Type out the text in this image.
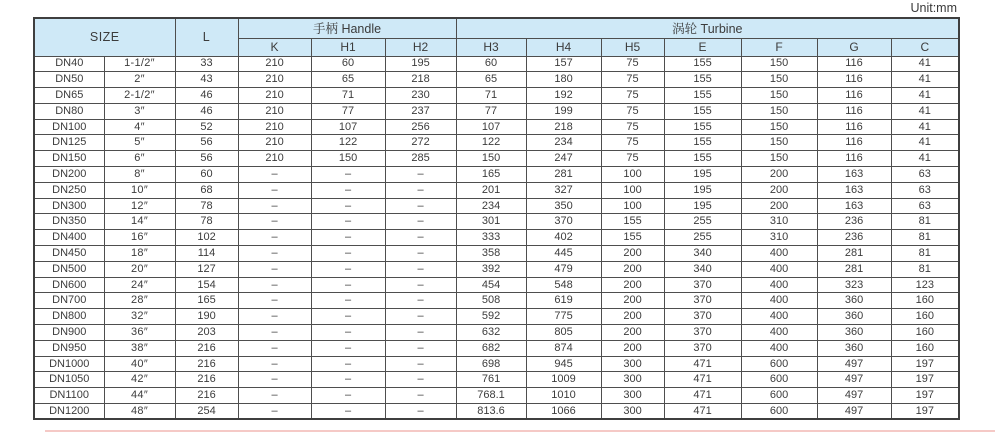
Unit:mm
SIZE		L	手柄 Handle			涡轮 Turbine						
			K	H1	H2	H3	H4	H5	E	F	G	C
DN40	1-1/2″	33	210	60	195	60	157	75	155	150	116	41
DN50	2″	43	210	65	218	65	180	75	155	150	116	41
DN65	2-1/2″	46	210	71	230	71	192	75	155	150	116	41
DN80	3″	46	210	77	237	77	199	75	155	150	116	41
DN100	4″	52	210	107	256	107	218	75	155	150	116	41
DN125	5″	56	210	122	272	122	234	75	155	150	116	41
DN150	6″	56	210	150	285	150	247	75	155	150	116	41
DN200	8″	60	–	–	–	165	281	100	195	200	163	63
DN250	10″	68	–	–	–	201	327	100	195	200	163	63
DN300	12″	78	–	–	–	234	350	100	195	200	163	63
DN350	14″	78	–	–	–	301	370	155	255	310	236	81
DN400	16″	102	–	–	–	333	402	155	255	310	236	81
DN450	18″	114	–	–	–	358	445	200	340	400	281	81
DN500	20″	127	–	–	–	392	479	200	340	400	281	81
DN600	24″	154	–	–	–	454	548	200	370	400	323	123
DN700	28″	165	–	–	–	508	619	200	370	400	360	160
DN800	32″	190	–	–	–	592	775	200	370	400	360	160
DN900	36″	203	–	–	–	632	805	200	370	400	360	160
DN950	38″	216	–	–	–	682	874	200	370	400	360	160
DN1000	40″	216	–	–	–	698	945	300	471	600	497	197
DN1050	42″	216	–	–	–	761	1009	300	471	600	497	197
DN1100	44″	216	–	–	–	768.1	1010	300	471	600	497	197
DN1200	48″	254	–	–	–	813.6	1066	300	471	600	497	197
